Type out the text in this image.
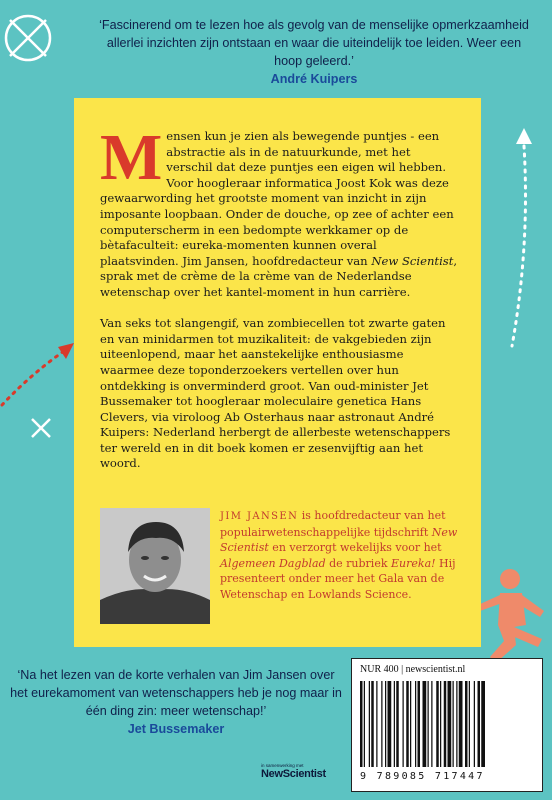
‘Fascinerend om te lezen hoe als gevolg van de menselijke opmerkzaamheid allerlei inzichten zijn ontstaan en waar die uiteindelijk toe leiden. Weer een hoop geleerd.’
André Kuipers

Mensen kun je zien als bewegende puntjes - een abstractie als in de natuurkunde, met het verschil dat deze puntjes een eigen wil hebben. Voor hoogleraar informatica Joost Kok was deze gewaarwording het grootste moment van inzicht in zijn imposante loopbaan. Onder de douche, op zee of achter een computerscherm in een bedompte werkkamer op de bètafaculteit: eureka-momenten kunnen overal plaatsvinden. Jim Jansen, hoofdredacteur van New Scientist, sprak met de crème de la crème van de Nederlandse wetenschap over het kantel-moment in hun carrière.

Van seks tot slangengif, van zombiecellen tot zwarte gaten en van minidarmen tot muzikaliteit: de vakgebieden zijn uiteenlopend, maar het aanstekelijke enthousiasme waarmee deze toponderzoekers vertellen over hun ontdekking is onverminderd groot. Van oud-minister Jet Bussemaker tot hoogleraar moleculaire genetica Hans Clevers, via viroloog Ab Osterhaus naar astronaut André Kuipers: Nederland herbergt de allerbeste wetenschappers ter wereld en in dit boek komen er zesenvijftig aan het woord.

JIM JANSEN is hoofdredacteur van het populairwetenschappelijke tijdschrift New Scientist en verzorgt wekelijks voor het Algemeen Dagblad de rubriek Eureka! Hij presenteert onder meer het Gala van de Wetenschap en Lowlands Science.
‘Na het lezen van de korte verhalen van Jim Jansen over het eurekamoment van wetenschappers heb je nog maar in één ding zin: meer wetenschap!’
Jet Bussemaker
in samenwerking met
NewScientist
NUR 400 | newscientist.nl
9 789085 717447
